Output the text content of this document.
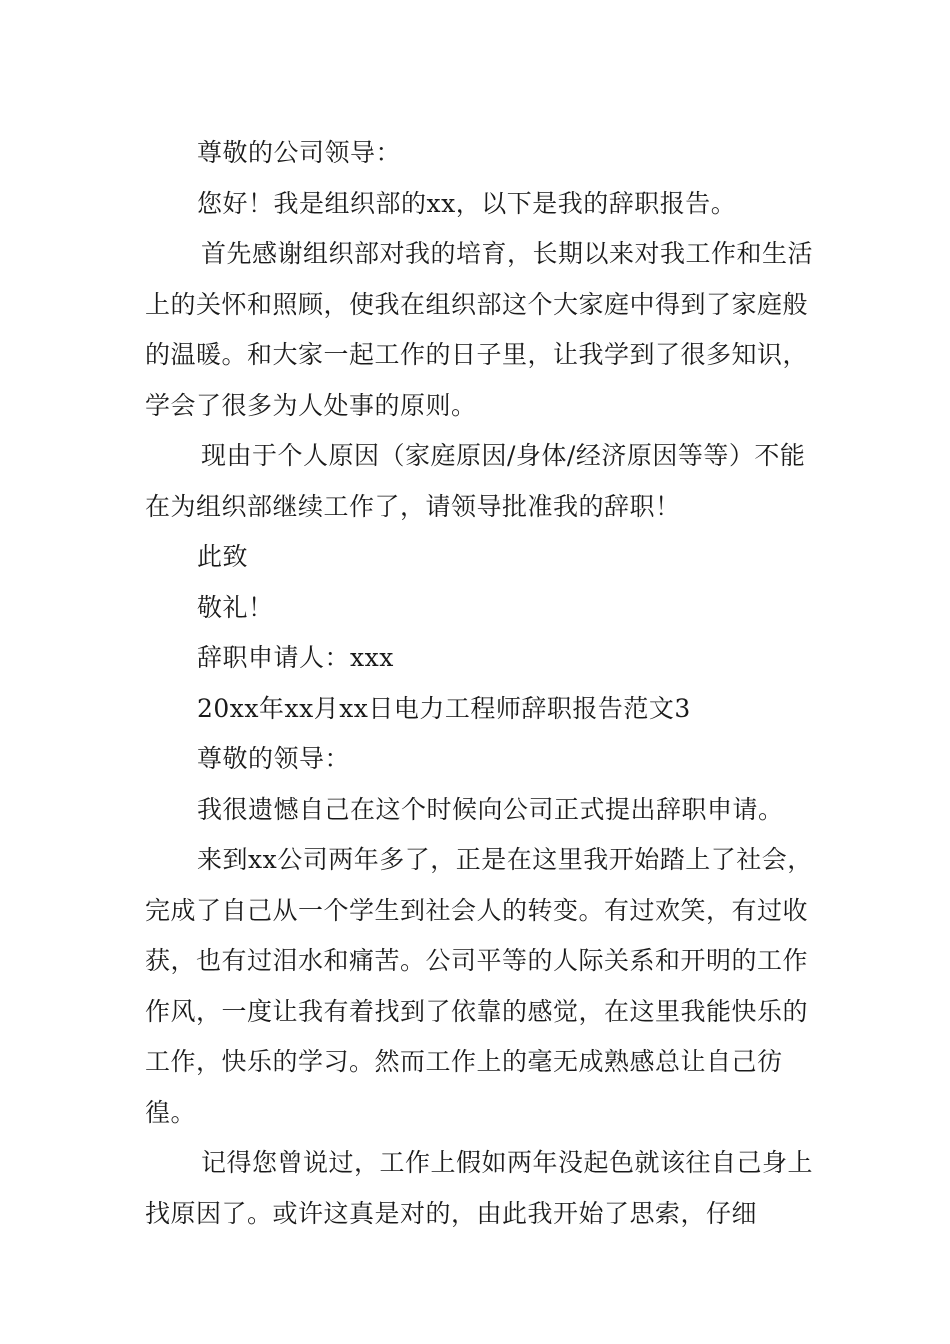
尊敬的公司领导：

您好！我是组织部的xx，以下是我的辞职报告。

首先感谢组织部对我的培育，长期以来对我工作和生活上的关怀和照顾，使我在组织部这个大家庭中得到了家庭般的温暖。和大家一起工作的日子里，让我学到了很多知识，学会了很多为人处事的原则。

现由于个人原因（家庭原因/身体/经济原因等等）不能在为组织部继续工作了，请领导批准我的辞职！

此致

敬礼！

辞职申请人：xxx

20xx年xx月xx日电力工程师辞职报告范文3

尊敬的领导：

我很遗憾自己在这个时候向公司正式提出辞职申请。

来到xx公司两年多了，正是在这里我开始踏上了社会，完成了自己从一个学生到社会人的转变。有过欢笑，有过收获，也有过泪水和痛苦。公司平等的人际关系和开明的工作作风，一度让我有着找到了依靠的感觉，在这里我能快乐的工作，快乐的学习。然而工作上的毫无成熟感总让自己彷徨。

记得您曾说过，工作上假如两年没起色就该往自己身上找原因了。或许这真是对的，由此我开始了思索，仔细
